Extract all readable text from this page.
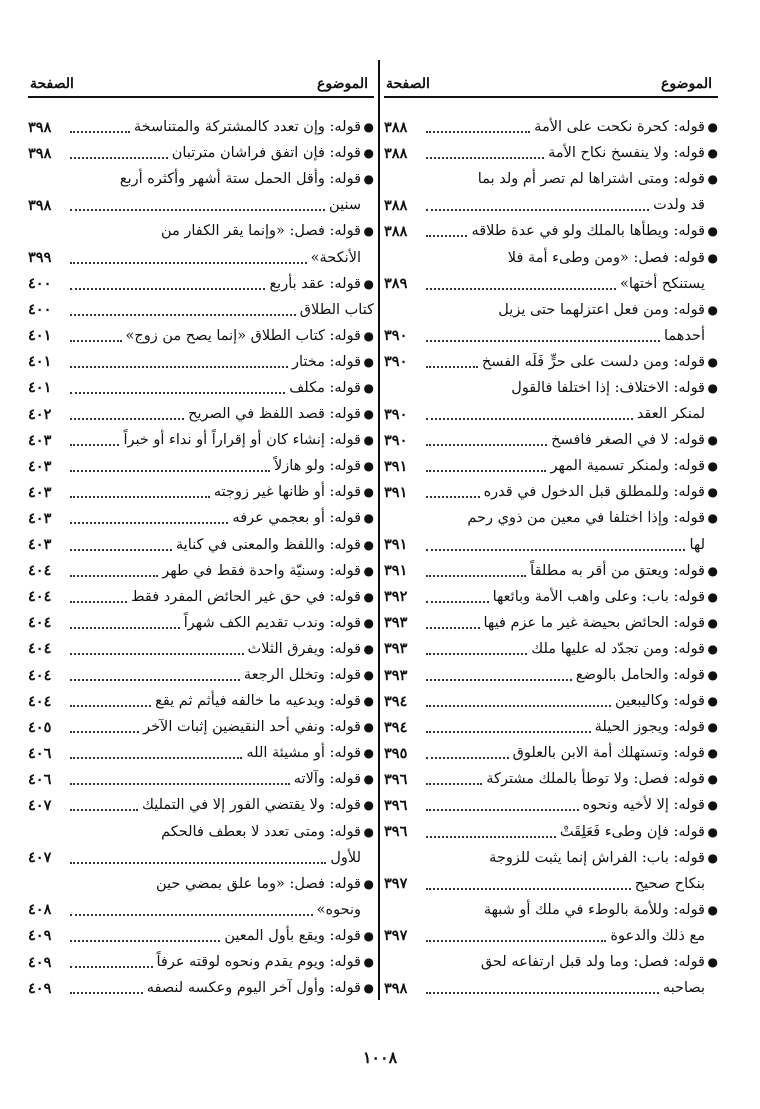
الموضوع
الصفحة
●
قوله: كحرة نكحت على الأمة
٣٨٨
●
قوله: ولا ينفسخ نكاح الأمة
٣٨٨
●
قوله: ومتى اشتراها لم تصر أم ولد بما
قد ولدت
٣٨٨
●
قوله: ويطأها بالملك ولو في عدة طلاقه
٣٨٨
●
قوله: فصل: «ومن وطىء أمة فلا
يستنكح أختها»
٣٨٩
●
قوله: ومن فعل اعتزلهما حتى يزيل
أحدهما
٣٩٠
●
قوله: ومن دلست على حرٍّ فَلَه الفسخ
٣٩٠
●
قوله: الاختلاف: إذا اختلفا فالقول
لمنكر العقد
٣٩٠
●
قوله: لا في الصغر فافسخ
٣٩٠
●
قوله: ولمنكر تسمية المهر
٣٩١
●
قوله: وللمطلق قبل الدخول في قدره
٣٩١
●
قوله: وإذا اختلفا في معين من ذوي رحم
لها
٣٩١
●
قوله: ويعتق من أقر به مطلقاً
٣٩١
●
قوله: باب: وعلى واهب الأمة وبائعها
٣٩٢
●
قوله: الحائض بحيضة غير ما عزم فيها
٣٩٣
●
قوله: ومن تجدّد له عليها ملك
٣٩٣
●
قوله: والحامل بالوضع
٣٩٣
●
قوله: وكاليبعين
٣٩٤
●
قوله: ويجوز الحيلة
٣٩٤
●
قوله: وتستهلك أمة الابن بالعلوق
٣٩٥
●
قوله: فصل: ولا توطأ بالملك مشتركة
٣٩٦
●
قوله: إلا لأخيه ونحوه
٣٩٦
●
قوله: فإن وطىء فَعَلِقَتْ
٣٩٦
●
قوله: باب: الفراش إنما يثبت للزوجة
بنكاح صحيح
٣٩٧
●
قوله: وللأمة بالوطء في ملك أو شبهة
مع ذلك والدعوة
٣٩٧
●
قوله: فصل: وما ولد قبل ارتفاعه لحق
بصاحبه
٣٩٨
الموضوع
الصفحة
●
قوله: وإن تعدد كالمشتركة والمتناسخة
٣٩٨
●
قوله: فإن اتفق فراشان مترتبان
٣٩٨
●
قوله: وأقل الحمل ستة أشهر وأكثره أربع
سنين
٣٩٨
●
قوله: فصل: «وإنما يقر الكفار من
الأنكحة»
٣٩٩
●
قوله: عقد بأربع
٤٠٠
كتاب الطلاق
٤٠٠
●
قوله: كتاب الطلاق «إنما يصح من زوج»
٤٠١
●
قوله: مختار
٤٠١
●
قوله: مكلف
٤٠١
●
قوله: قصد اللفظ في الصريح
٤٠٢
●
قوله: إنشاء كان أو إقراراً أو نداء أو خبراً
٤٠٣
●
قوله: ولو هازلاً
٤٠٣
●
قوله: أو ظانها غير زوجته
٤٠٣
●
قوله: أو بعجمي عرفه
٤٠٣
●
قوله: واللفظ والمعنى في كناية
٤٠٣
●
قوله: وسنيّة واحدة فقط في طهر
٤٠٤
●
قوله: في حق غير الحائض المفرد فقط
٤٠٤
●
قوله: وندب تقديم الكف شهراً
٤٠٤
●
قوله: ويفرق الثلاث
٤٠٤
●
قوله: وتخلل الرجعة
٤٠٤
●
قوله: ويدعيه ما خالفه فيأثم ثم يقع
٤٠٤
●
قوله: ونفي أحد النقيضين إثبات الآخر
٤٠٥
●
قوله: أو مشيئة الله
٤٠٦
●
قوله: وآلاته
٤٠٦
●
قوله: ولا يقتضي الفور إلا في التمليك
٤٠٧
●
قوله: ومتى تعدد لا بعطف فالحكم
للأول
٤٠٧
●
قوله: فصل: «وما علق بمضي حين
ونحوه»
٤٠٨
●
قوله: ويقع بأول المعين
٤٠٩
●
قوله: ويوم يقدم ونحوه لوقته عرفاً
٤٠٩
●
قوله: وأول آخر اليوم وعكسه لنصفه
٤٠٩
١٠٠٨
